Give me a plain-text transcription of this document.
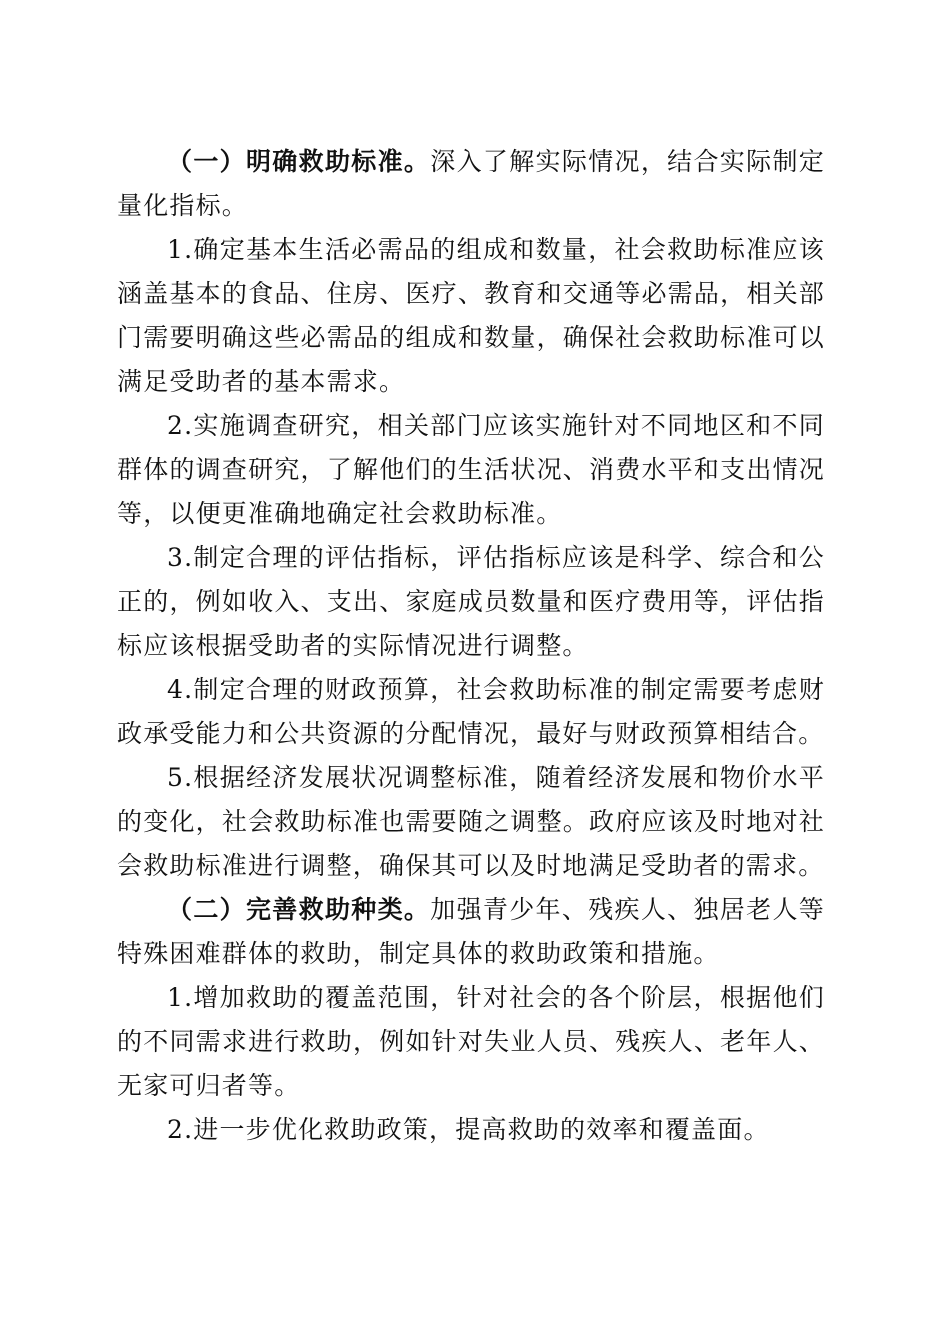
（一）明确救助标准。深入了解实际情况，结合实际制定量化指标。

1.确定基本生活必需品的组成和数量，社会救助标准应该涵盖基本的食品、住房、医疗、教育和交通等必需品，相关部门需要明确这些必需品的组成和数量，确保社会救助标准可以满足受助者的基本需求。

2.实施调查研究，相关部门应该实施针对不同地区和不同群体的调查研究，了解他们的生活状况、消费水平和支出情况等，以便更准确地确定社会救助标准。

3.制定合理的评估指标，评估指标应该是科学、综合和公正的，例如收入、支出、家庭成员数量和医疗费用等，评估指标应该根据受助者的实际情况进行调整。

4.制定合理的财政预算，社会救助标准的制定需要考虑财政承受能力和公共资源的分配情况，最好与财政预算相结合。

5.根据经济发展状况调整标准，随着经济发展和物价水平的变化，社会救助标准也需要随之调整。政府应该及时地对社会救助标准进行调整，确保其可以及时地满足受助者的需求。

（二）完善救助种类。加强青少年、残疾人、独居老人等特殊困难群体的救助，制定具体的救助政策和措施。

1.增加救助的覆盖范围，针对社会的各个阶层，根据他们的不同需求进行救助，例如针对失业人员、残疾人、老年人、无家可归者等。

2.进一步优化救助政策，提高救助的效率和覆盖面。
